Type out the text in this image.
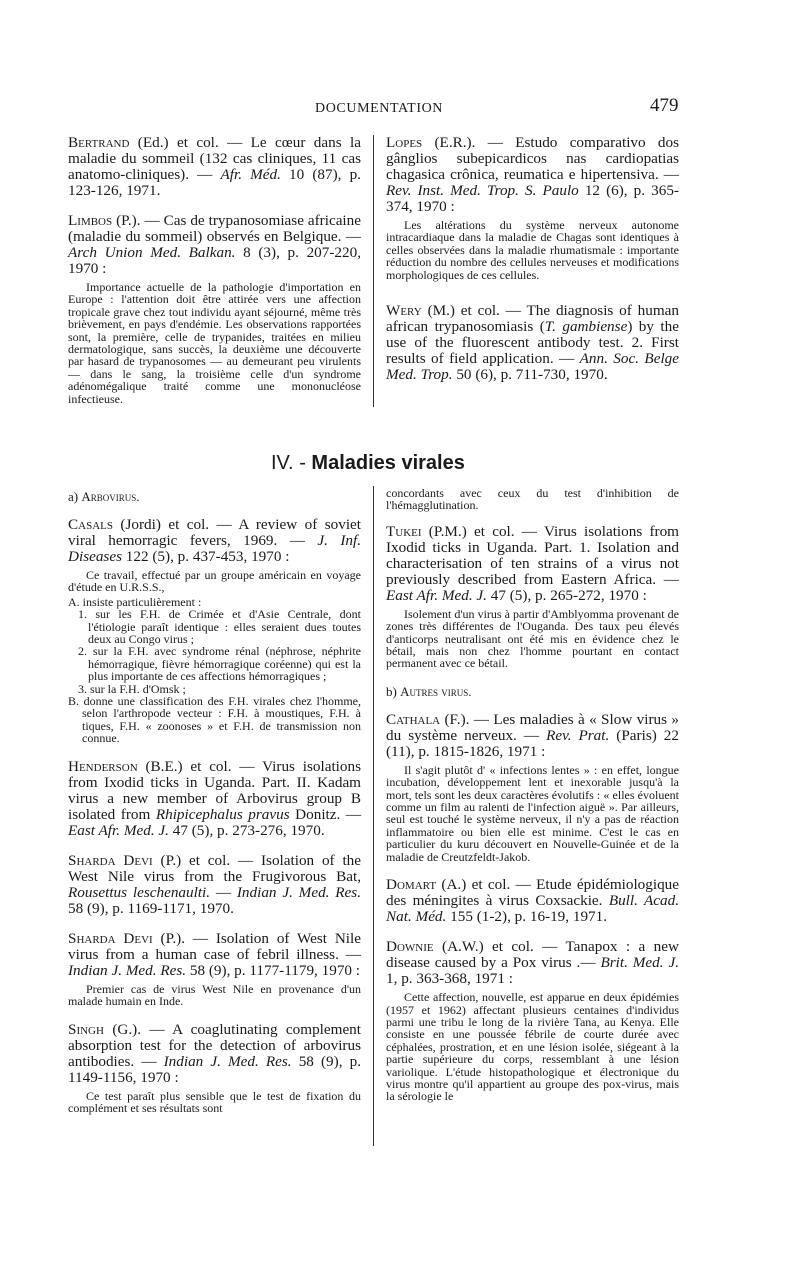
DOCUMENTATION	479

Bertrand (Ed.) et col. — Le cœur dans la maladie du sommeil (132 cas cliniques, 11 cas anatomo-cliniques). — Afr. Méd. 10 (87), p. 123-126, 1971.

Limbos (P.). — Cas de trypanosomiase africaine (maladie du sommeil) observés en Belgique. — Arch Union Med. Balkan. 8 (3), p. 207-220, 1970 :

Importance actuelle de la pathologie d'importation en Europe : l'attention doit être attirée vers une affection tropicale grave chez tout individu ayant séjourné, même très brièvement, en pays d'endémie. Les observations rapportées sont, la première, celle de trypanides, traitées en milieu dermatologique, sans succès, la deuxième une découverte par hasard de trypanosomes — au demeurant peu virulents — dans le sang, la troisième celle d'un syndrome adénomégalique traité comme une mononucléose infectieuse.

Lopes (E.R.). — Estudo comparativo dos gânglios subepicardicos nas cardiopatias chagasica crônica, reumatica e hipertensiva. — Rev. Inst. Med. Trop. S. Paulo 12 (6), p. 365-374, 1970 :

Les altérations du système nerveux autonome intracardiaque dans la maladie de Chagas sont identiques à celles observées dans la maladie rhumatismale : importante réduction du nombre des cellules nerveuses et modifications morphologiques de ces cellules.

Wery (M.) et col. — The diagnosis of human african trypanosomiasis (T. gambiense) by the use of the fluorescent antibody test. 2. First results of field application. — Ann. Soc. Belge Med. Trop. 50 (6), p. 711-730, 1970.

IV. - Maladies virales
a) Arbovirus.

Casals (Jordi) et col. — A review of soviet viral hemorragic fevers, 1969. — J. Inf. Diseases 122 (5), p. 437-453, 1970 :

Ce travail, effectué par un groupe américain en voyage d'étude en U.R.S.S.,

A. insiste particulièrement :
1. sur les F.H. de Crimée et d'Asie Centrale, dont l'étiologie paraît identique : elles seraient dues toutes deux au Congo virus ;
2. sur la F.H. avec syndrome rénal (néphrose, néphrite hémorragique, fièvre hémorragique coréenne) qui est la plus importante de ces affections hémorragiques ;
3. sur la F.H. d'Omsk ;
B. donne une classification des F.H. virales chez l'homme, selon l'arthropode vecteur : F.H. à moustiques, F.H. à tiques, F.H. « zoonoses » et F.H. de transmission non connue.

Henderson (B.E.) et col. — Virus isolations from Ixodid ticks in Uganda. Part. II. Kadam virus a new member of Arbovirus group B isolated from Rhipicephalus pravus Donitz. — East Afr. Med. J. 47 (5), p. 273-276, 1970.

Sharda Devi (P.) et col. — Isolation of the West Nile virus from the Frugivorous Bat, Rousettus leschenaulti. — Indian J. Med. Res. 58 (9), p. 1169-1171, 1970.

Sharda Devi (P.). — Isolation of West Nile virus from a human case of febril illness. — Indian J. Med. Res. 58 (9), p. 1177-1179, 1970 :

Premier cas de virus West Nile en provenance d'un malade humain en Inde.

Singh (G.). — A coaglutinating complement absorption test for the detection of arbovirus antibodies. — Indian J. Med. Res. 58 (9), p. 1149-1156, 1970 :

Ce test paraît plus sensible que le test de fixation du complément et ses résultats sont

concordants avec ceux du test d'inhibition de l'hémagglutination.

Tukei (P.M.) et col. — Virus isolations from Ixodid ticks in Uganda. Part. 1. Isolation and characterisation of ten strains of a virus not previously described from Eastern Africa. — East Afr. Med. J. 47 (5), p. 265-272, 1970 :

Isolement d'un virus à partir d'Amblyomma provenant de zones très différentes de l'Ouganda. Des taux peu élevés d'anticorps neutralisant ont été mis en évidence chez le bétail, mais non chez l'homme pourtant en contact permanent avec ce bétail.

b) Autres virus.

Cathala (F.). — Les maladies à « Slow virus » du système nerveux. — Rev. Prat. (Paris) 22 (11), p. 1815-1826, 1971 :

Il s'agit plutôt d' « infections lentes » : en effet, longue incubation, développement lent et inexorable jusqu'à la mort, tels sont les deux caractères évolutifs : « elles évoluent comme un film au ralenti de l'infection aiguë ». Par ailleurs, seul est touché le système nerveux, il n'y a pas de réaction inflammatoire ou bien elle est minime. C'est le cas en particulier du kuru découvert en Nouvelle-Guinée et de la maladie de Creutzfeldt-Jakob.

Domart (A.) et col. — Etude épidémiologique des méningites à virus Coxsackie. Bull. Acad. Nat. Méd. 155 (1-2), p. 16-19, 1971.

Downie (A.W.) et col. — Tanapox : a new disease caused by a Pox virus .— Brit. Med. J. 1, p. 363-368, 1971 :

Cette affection, nouvelle, est apparue en deux épidémies (1957 et 1962) affectant plusieurs centaines d'individus parmi une tribu le long de la rivière Tana, au Kenya. Elle consiste en une poussée fébrile de courte durée avec céphalées, prostration, et en une lésion isolée, siégeant à la partie supérieure du corps, ressemblant à une lésion variolique. L'étude histopathologique et électronique du virus montre qu'il appartient au groupe des pox-virus, mais la sérologie le
